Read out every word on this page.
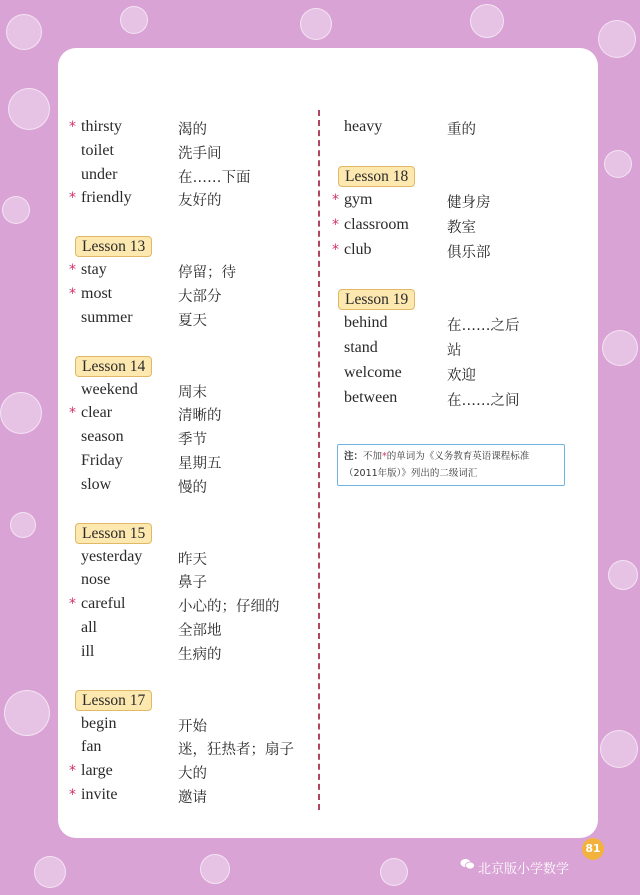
* thirsty	渴的
toilet	洗手间
under	在……下面
* friendly	友好的
Lesson 13
* stay	停留；待
* most	大部分
summer	夏天
Lesson 14
weekend	周末
* clear	清晰的
season	季节
Friday	星期五
slow	慢的
Lesson 15
yesterday 昨天
nose	鼻子
* careful	小心的；仔细的
all	全部地
ill	生病的
Lesson 17
begin	开始
fan	迷，狂热者；扇子
* large	大的
* invite	邀请
heavy	重的
Lesson 18
* gym	健身房
* classroom	教室
* club	俱乐部
Lesson 19
behind	在……之后
stand	站
welcome	欢迎
between	在……之间
注：不加*的单词为《义务教育英语课程标准（2011年版）》列出的二级词汇
81
北京版小学数学
